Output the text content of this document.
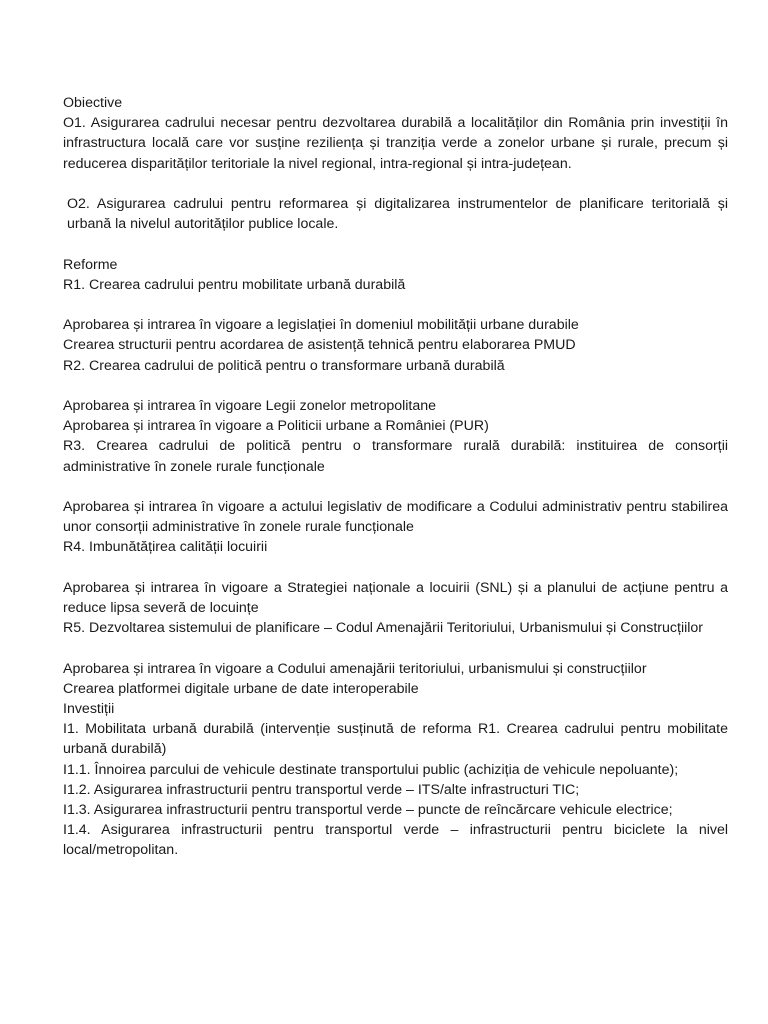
Obiective

O1. Asigurarea cadrului necesar pentru dezvoltarea durabilă a localităților din România prin investiții în infrastructura locală care vor susține reziliența și tranziția verde a zonelor urbane și rurale, precum și reducerea disparităților teritoriale la nivel regional, intra-regional și intra-județean.

O2. Asigurarea cadrului pentru reformarea și digitalizarea instrumentelor de planificare teritorială și urbană la nivelul autorităților publice locale.

Reforme

R1. Crearea cadrului pentru mobilitate urbană durabilă

Aprobarea și intrarea în vigoare a legislației în domeniul mobilității urbane durabile

Crearea structurii pentru acordarea de asistență tehnică pentru elaborarea PMUD

R2. Crearea cadrului de politică pentru o transformare urbană durabilă

Aprobarea și intrarea în vigoare Legii zonelor metropolitane

Aprobarea și intrarea în vigoare a Politicii urbane a României (PUR)

R3. Crearea cadrului de politică pentru o transformare rurală durabilă: instituirea de consorții administrative în zonele rurale funcționale

Aprobarea și intrarea în vigoare a actului legislativ de modificare a Codului administrativ pentru stabilirea unor consorții administrative în zonele rurale funcționale

R4. Imbunătățirea calității locuirii

Aprobarea și intrarea în vigoare a Strategiei naționale a locuirii (SNL) și a planului de acțiune pentru a reduce lipsa severă de locuințe

R5. Dezvoltarea sistemului de planificare – Codul Amenajării Teritoriului, Urbanismului și Construcțiilor

Aprobarea și intrarea în vigoare a Codului amenajării teritoriului, urbanismului și construcțiilor

Crearea platformei digitale urbane de date interoperabile

Investiții

I1. Mobilitata urbană durabilă (intervenție susținută de reforma R1. Crearea cadrului pentru mobilitate urbană durabilă)

I1.1. Înnoirea parcului de vehicule destinate transportului public (achiziția de vehicule nepoluante);

I1.2. Asigurarea infrastructurii pentru transportul verde – ITS/alte infrastructuri TIC;

I1.3. Asigurarea infrastructurii pentru transportul verde – puncte de reîncărcare vehicule electrice;

I1.4. Asigurarea infrastructurii pentru transportul verde – infrastructurii pentru biciclete la nivel local/metropolitan.
